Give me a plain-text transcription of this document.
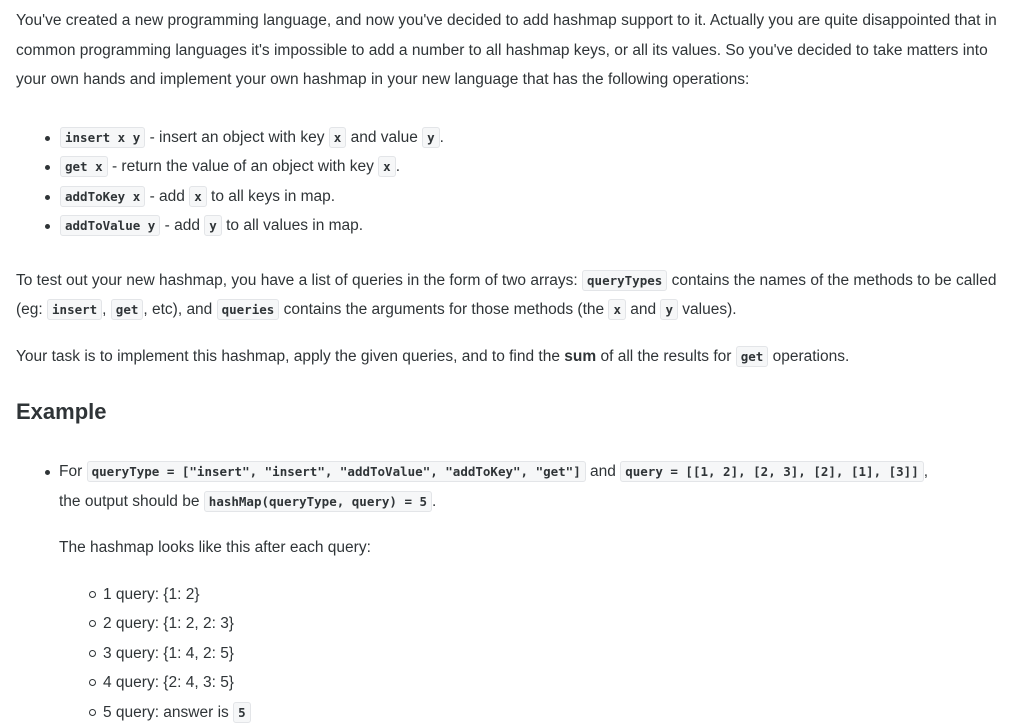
You've created a new programming language, and now you've decided to add hashmap support to it. Actually you are quite disappointed that in common programming languages it's impossible to add a number to all hashmap keys, or all its values. So you've decided to take matters into your own hands and implement your own hashmap in your new language that has the following operations:

insert x y - insert an object with key x and value y .
get x - return the value of an object with key x .
addToKey x - add x to all keys in map.
addToValue y - add y to all values in map.

To test out your new hashmap, you have a list of queries in the form of two arrays: queryTypes contains the names of the methods to be called (eg: insert , get , etc), and queries contains the arguments for those methods (the x and y values).

Your task is to implement this hashmap, apply the given queries, and to find the sum of all the results for get operations.

Example

For queryType = ["insert", "insert", "addToValue", "addToKey", "get"] and query = [[1, 2], [2, 3], [2], [1], [3]] ,

the output should be hashMap(queryType, query) = 5 .

The hashmap looks like this after each query:

1 query: {1: 2}
2 query: {1: 2, 2: 3}
3 query: {1: 4, 2: 5}
4 query: {2: 4, 3: 5}
5 query: answer is 5
